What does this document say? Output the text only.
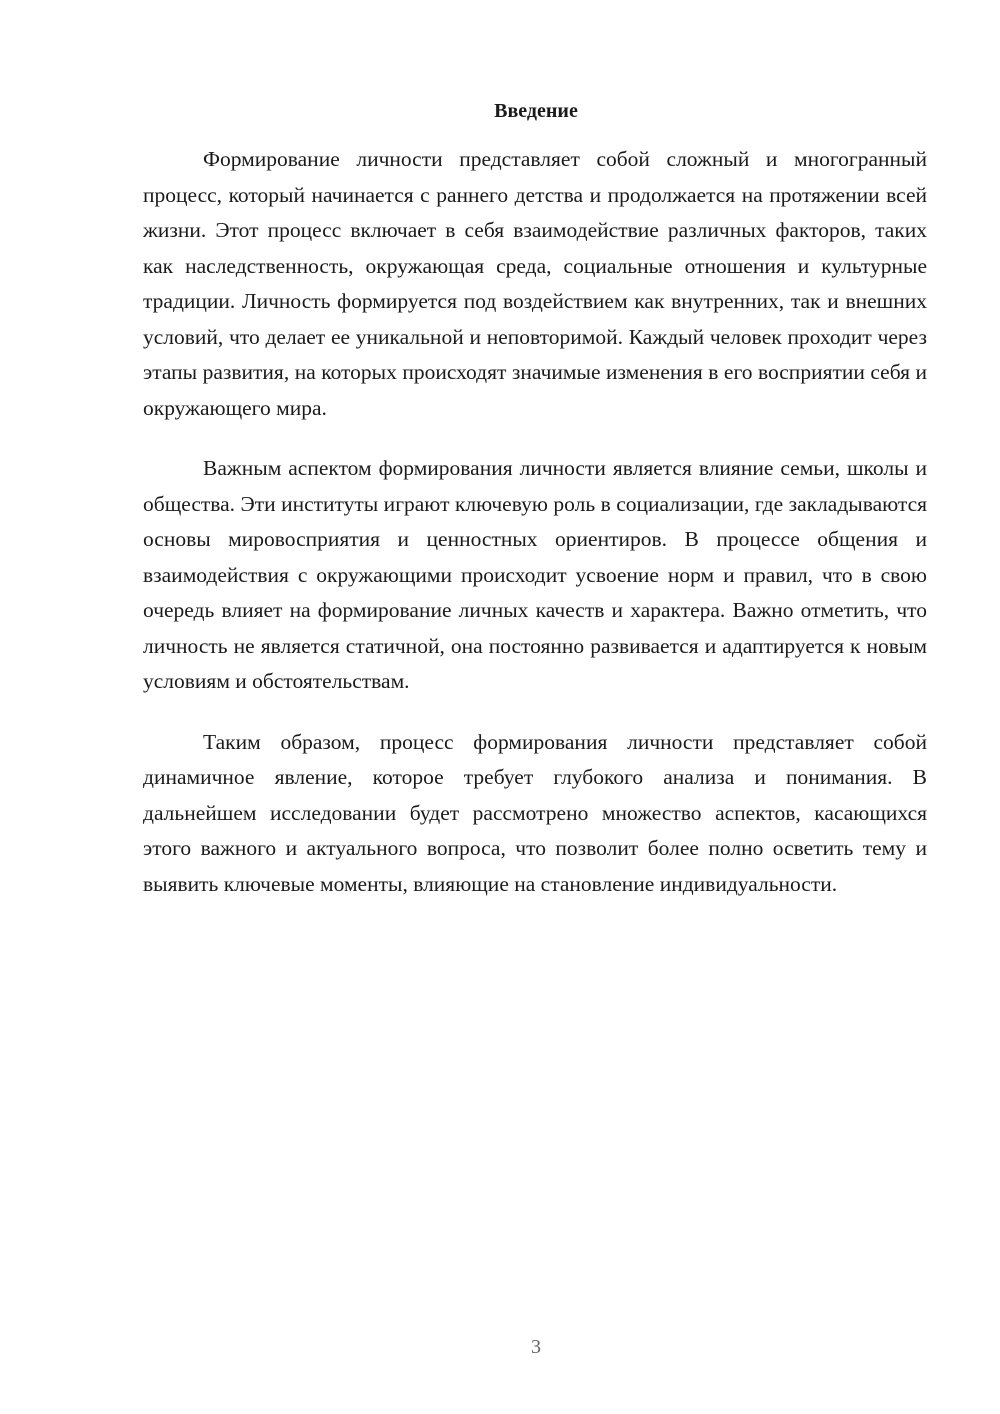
Введение

Формирование личности представляет собой сложный и многогранный процесс, который начинается с раннего детства и продолжается на протяжении всей жизни. Этот процесс включает в себя взаимодействие различных факторов, таких как наследственность, окружающая среда, социальные отношения и культурные традиции. Личность формируется под воздействием как внутренних, так и внешних условий, что делает ее уникальной и неповторимой. Каждый человек проходит через этапы развития, на которых происходят значимые изменения в его восприятии себя и окружающего мира.

Важным аспектом формирования личности является влияние семьи, школы и общества. Эти институты играют ключевую роль в социализации, где закладываются основы мировосприятия и ценностных ориентиров. В процессе общения и взаимодействия с окружающими происходит усвоение норм и правил, что в свою очередь влияет на формирование личных качеств и характера. Важно отметить, что личность не является статичной, она постоянно развивается и адаптируется к новым условиям и обстоятельствам.

Таким образом, процесс формирования личности представляет собой динамичное явление, которое требует глубокого анализа и понимания. В дальнейшем исследовании будет рассмотрено множество аспектов, касающихся этого важного и актуального вопроса, что позволит более полно осветить тему и выявить ключевые моменты, влияющие на становление индивидуальности.

3
